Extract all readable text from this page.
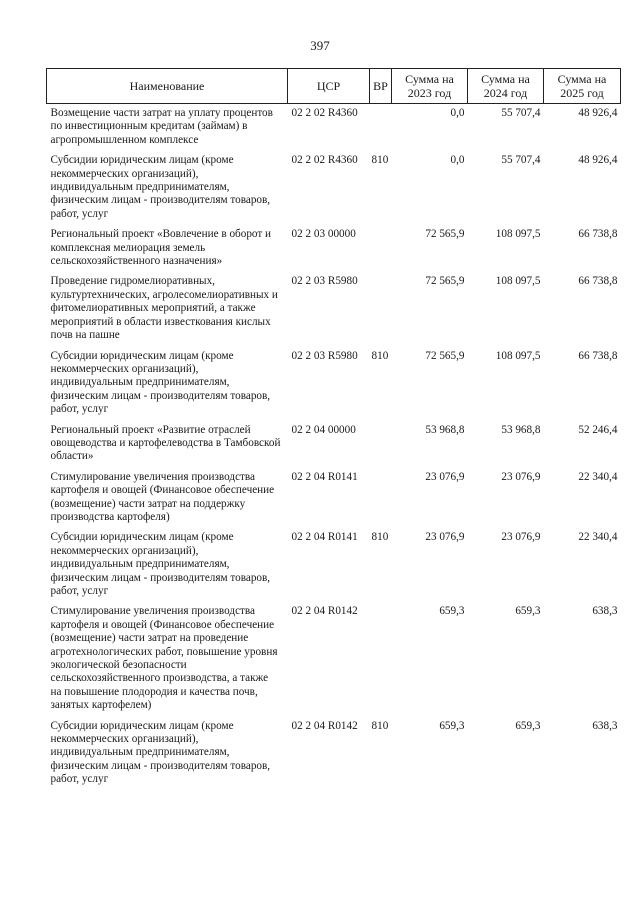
397
Наименование	ЦСР	ВР	Сумма на 2023 год	Сумма на 2024 год	Сумма на 2025 год
Возмещение части затрат на уплату процентов по инвестиционным кредитам (займам) в агропромышленном комплексе	02 2 02 R4360		0,0	55 707,4	48 926,4
Субсидии юридическим лицам (кроме некоммерческих организаций), индивидуальным предпринимателям, физическим лицам - производителям товаров, работ, услуг	02 2 02 R4360	810	0,0	55 707,4	48 926,4
Региональный проект «Вовлечение в оборот и комплексная мелиорация земель сельскохозяйственного назначения»	02 2 03 00000		72 565,9	108 097,5	66 738,8
Проведение гидромелиоративных, культуртехнических, агролесомелиоративных и фитомелиоративных мероприятий, а также мероприятий в области известкования кислых почв на пашне	02 2 03 R5980		72 565,9	108 097,5	66 738,8
Субсидии юридическим лицам (кроме некоммерческих организаций), индивидуальным предпринимателям, физическим лицам - производителям товаров, работ, услуг	02 2 03 R5980	810	72 565,9	108 097,5	66 738,8
Региональный проект «Развитие отраслей овощеводства и картофелеводства в Тамбовской области»	02 2 04 00000		53 968,8	53 968,8	52 246,4
Стимулирование увеличения производства картофеля и овощей (Финансовое обеспечение (возмещение) части затрат на поддержку производства картофеля)	02 2 04 R0141		23 076,9	23 076,9	22 340,4
Субсидии юридическим лицам (кроме некоммерческих организаций), индивидуальным предпринимателям, физическим лицам - производителям товаров, работ, услуг	02 2 04 R0141	810	23 076,9	23 076,9	22 340,4
Стимулирование увеличения производства картофеля и овощей (Финансовое обеспечение (возмещение) части затрат на проведение агротехнологических работ, повышение уровня экологической безопасности сельскохозяйственного производства, а также на повышение плодородия и качества почв, занятых картофелем)	02 2 04 R0142		659,3	659,3	638,3
Субсидии юридическим лицам (кроме некоммерческих организаций), индивидуальным предпринимателям, физическим лицам - производителям товаров, работ, услуг	02 2 04 R0142	810	659,3	659,3	638,3
